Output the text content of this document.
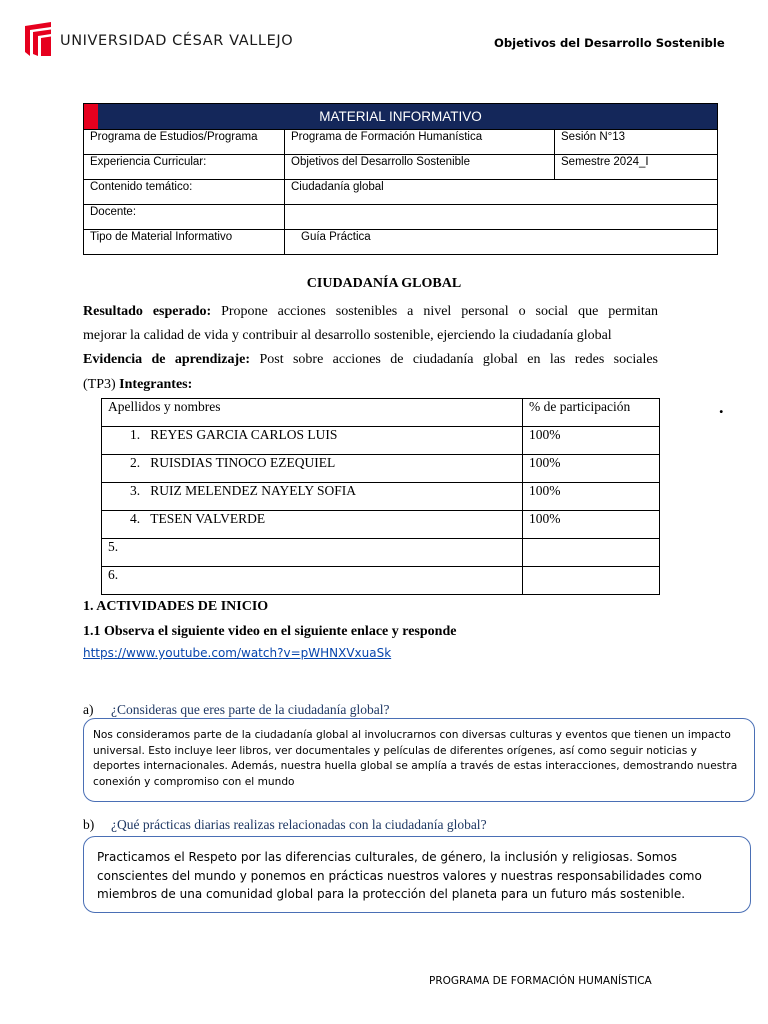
UNIVERSIDAD CÉSAR VALLEJO	Objetivos del Desarrollo Sostenible
MATERIAL INFORMATIVO		
Programa de Estudios/Programa	Programa de Formación Humanística	Sesión N°13
Experiencia Curricular:	Objetivos del Desarrollo Sostenible	Semestre 2024_I
Contenido temático:	Ciudadanía global	
Docente:		
Tipo de Material Informativo	Guía Práctica	
CIUDADANÍA GLOBAL
Resultado esperado: Propone acciones sostenibles a nivel personal o social que permitan
mejorar la calidad de vida y contribuir al desarrollo sostenible, ejerciendo la ciudadanía global
Evidencia de aprendizaje: Post sobre acciones de ciudadanía global en las redes sociales
(TP3) Integrantes:
.
Apellidos y nombres	% de participación
1. REYES GARCIA CARLOS LUIS	100%
2. RUISDIAS TINOCO EZEQUIEL	100%
3. RUIZ MELENDEZ NAYELY SOFIA	100%
4. TESEN VALVERDE	100%
5.	
6.	
1. ACTIVIDADES DE INICIO
1.1 Observa el siguiente video en el siguiente enlace y responde
https://www.youtube.com/watch?v=pWHNXVxuaSk
a) ¿Consideras que eres parte de la ciudadanía global?

Nos consideramos parte de la ciudadanía global al involucrarnos con diversas culturas y eventos que tienen un impacto universal. Esto incluye leer libros, ver documentales y películas de diferentes orígenes, así como seguir noticias y deportes internacionales. Además, nuestra huella global se amplía a través de estas interacciones, demostrando nuestra conexión y compromiso con el mundo

b) ¿Qué prácticas diarias realizas relacionadas con la ciudadanía global?

Practicamos el Respeto por las diferencias culturales, de género, la inclusión y religiosas. Somos conscientes del mundo y ponemos en prácticas nuestros valores y nuestras responsabilidades como miembros de una comunidad global para la protección del planeta para un futuro más sostenible.

PROGRAMA DE FORMACIÓN HUMANÍSTICA
